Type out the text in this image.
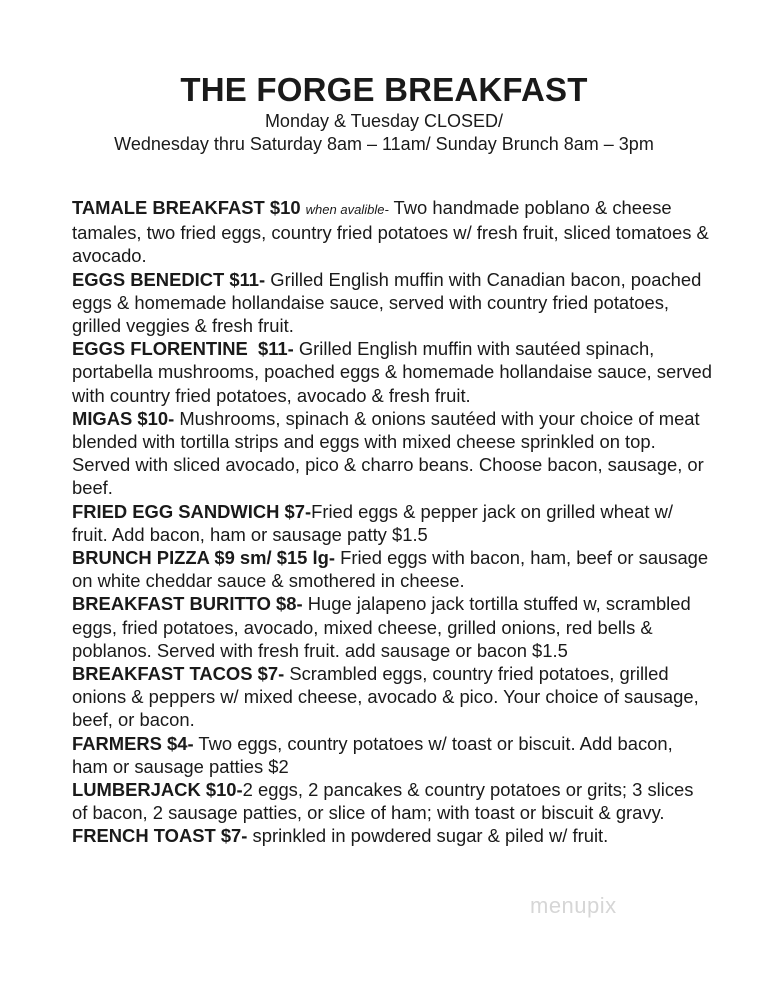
THE FORGE BREAKFAST

Monday & Tuesday CLOSED/

Wednesday thru Saturday 8am – 11am/ Sunday Brunch 8am – 3pm

TAMALE BREAKFAST $10 when avalible- Two handmade poblano & cheese tamales, two fried eggs, country fried potatoes w/ fresh fruit, sliced tomatoes & avocado.

EGGS BENEDICT $11- Grilled English muffin with Canadian bacon, poached eggs & homemade hollandaise sauce, served with country fried potatoes, grilled veggies & fresh fruit.

EGGS FLORENTINE  $11- Grilled English muffin with sautéed spinach, portabella mushrooms, poached eggs & homemade hollandaise sauce, served with country fried potatoes, avocado & fresh fruit.

MIGAS $10- Mushrooms, spinach & onions sautéed with your choice of meat blended with tortilla strips and eggs with mixed cheese sprinkled on top. Served with sliced avocado, pico & charro beans. Choose bacon, sausage, or beef.

FRIED EGG SANDWICH $7-Fried eggs & pepper jack on grilled wheat w/ fruit. Add bacon, ham or sausage patty $1.5

BRUNCH PIZZA $9 sm/ $15 lg- Fried eggs with bacon, ham, beef or sausage on white cheddar sauce & smothered in cheese.

BREAKFAST BURITTO $8- Huge jalapeno jack tortilla stuffed w, scrambled eggs, fried potatoes, avocado, mixed cheese, grilled onions, red bells & poblanos. Served with fresh fruit. add sausage or bacon $1.5

BREAKFAST TACOS $7- Scrambled eggs, country fried potatoes, grilled onions & peppers w/ mixed cheese, avocado & pico. Your choice of sausage, beef, or bacon.

FARMERS $4- Two eggs, country potatoes w/ toast or biscuit. Add bacon, ham or sausage patties $2

LUMBERJACK $10-2 eggs, 2 pancakes & country potatoes or grits; 3 slices of bacon, 2 sausage patties, or slice of ham; with toast or biscuit & gravy.

FRENCH TOAST $7- sprinkled in powdered sugar & piled w/ fruit.

menupix
